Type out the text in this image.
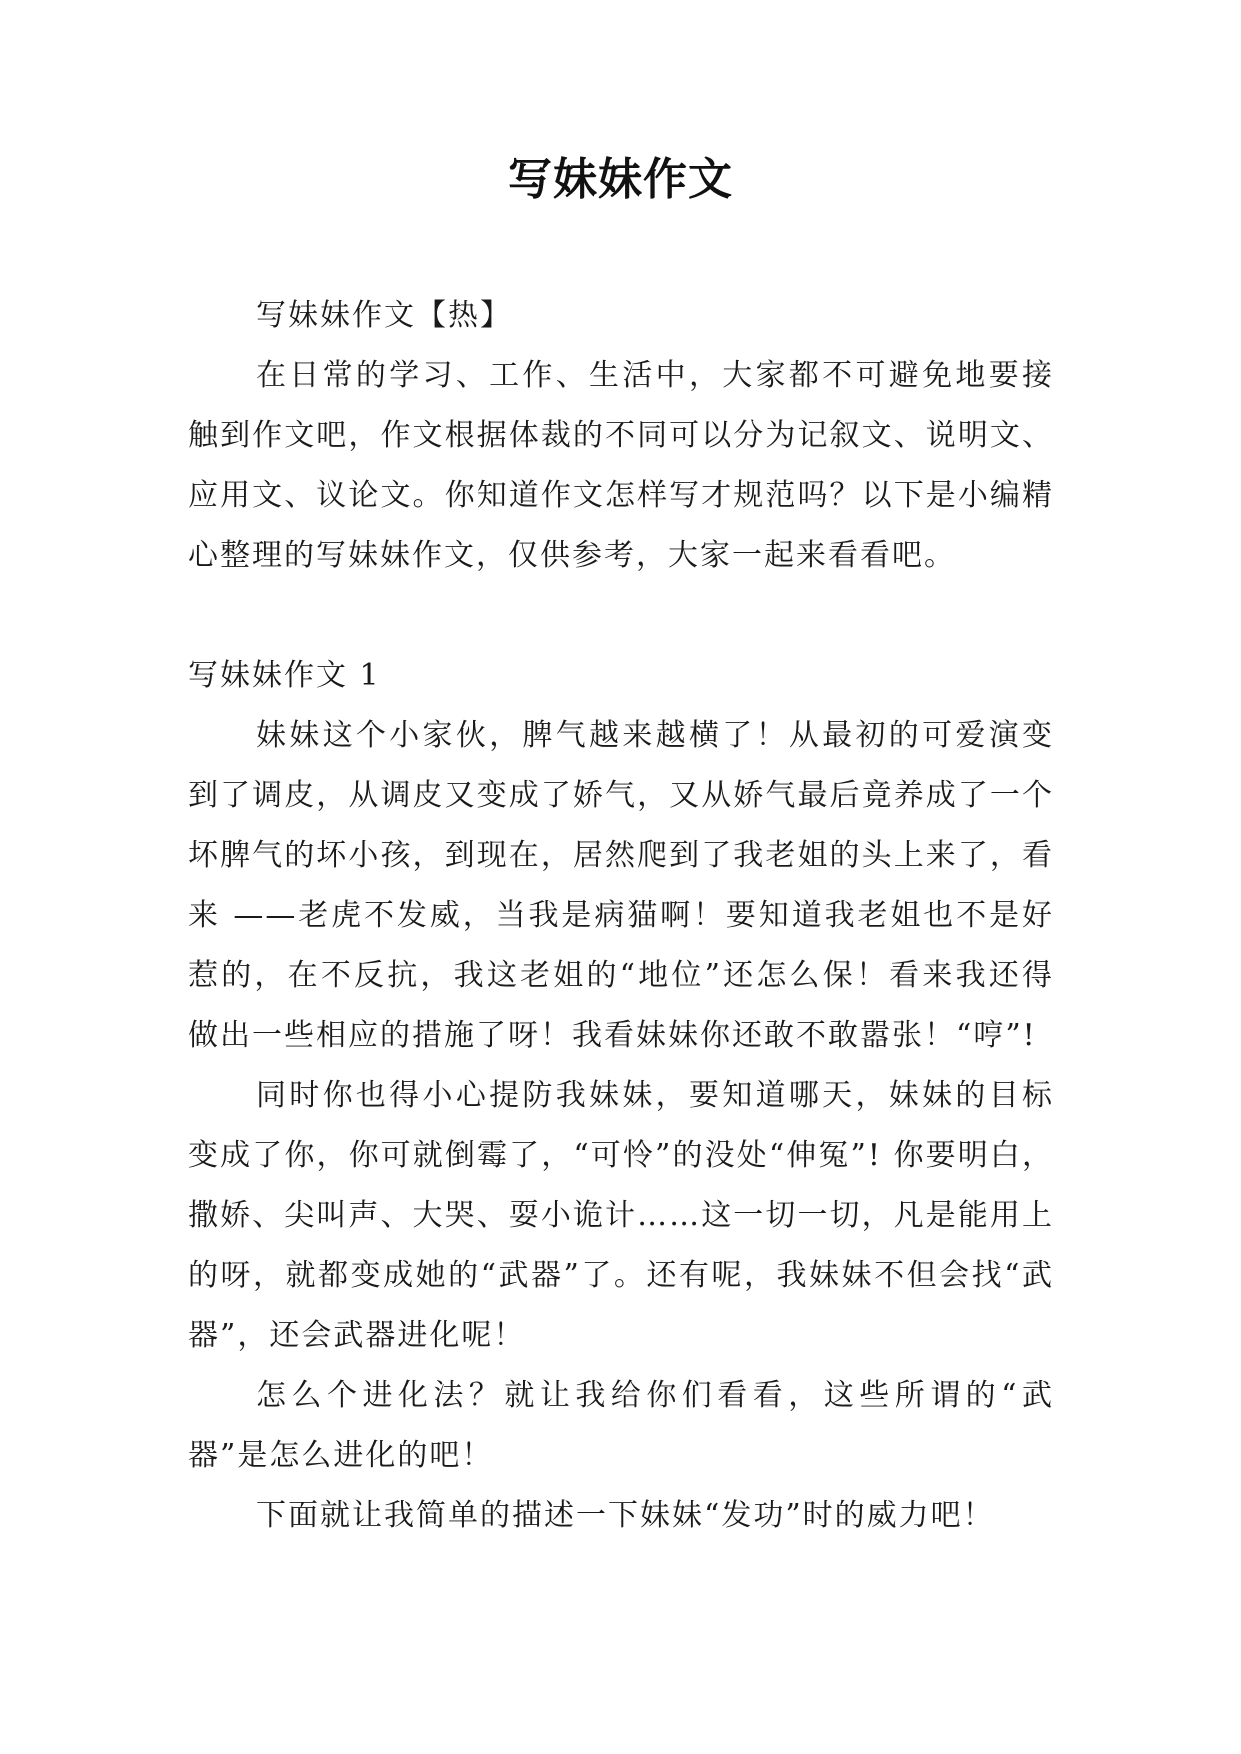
写妹妹作文

写妹妹作文【热】

在日常的学习、工作、生活中，大家都不可避免地要接触到作文吧，作文根据体裁的不同可以分为记叙文、说明文、应用文、议论文。你知道作文怎样写才规范吗？以下是小编精心整理的写妹妹作文，仅供参考，大家一起来看看吧。

写妹妹作文 1

妹妹这个小家伙，脾气越来越横了！从最初的可爱演变到了调皮，从调皮又变成了娇气，又从娇气最后竟养成了一个坏脾气的坏小孩，到现在，居然爬到了我老姐的头上来了，看来 ——老虎不发威，当我是病猫啊！要知道我老姐也不是好惹的，在不反抗，我这老姐的“地位”还怎么保！看来我还得做出一些相应的措施了呀！我看妹妹你还敢不敢嚣张！“哼”!

同时你也得小心提防我妹妹，要知道哪天，妹妹的目标变成了你，你可就倒霉了，“可怜”的没处“伸冤”! 你要明白，撒娇、尖叫声、大哭、耍小诡计……这一切一切，凡是能用上的呀，就都变成她的“武器”了。还有呢，我妹妹不但会找“武器”，还会武器进化呢！

怎么个进化法？就让我给你们看看，这些所谓的“武器”是怎么进化的吧！

下面就让我简单的描述一下妹妹“发功”时的威力吧！
